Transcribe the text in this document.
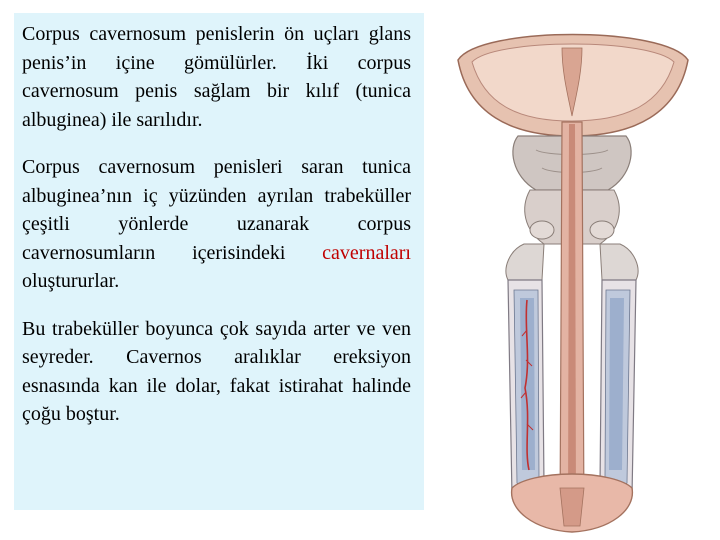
Corpus cavernosum penislerin ön uçları glans penis’in içine gömülürler. İki corpus cavernosum penis sağlam bir kılıf (tunica albuginea) ile sarılıdır.

Corpus cavernosum penisleri saran tunica albuginea’nın iç yüzünden ayrılan trabeküller çeşitli yönlerde uzanarak corpus cavernosumların içerisindeki cavernaları oluştururlar.

Bu trabeküller boyunca çok sayıda arter ve ven seyreder. Cavernos aralıklar ereksiyon esnasında kan ile dolar, fakat istirahat halinde çoğu boştur.
